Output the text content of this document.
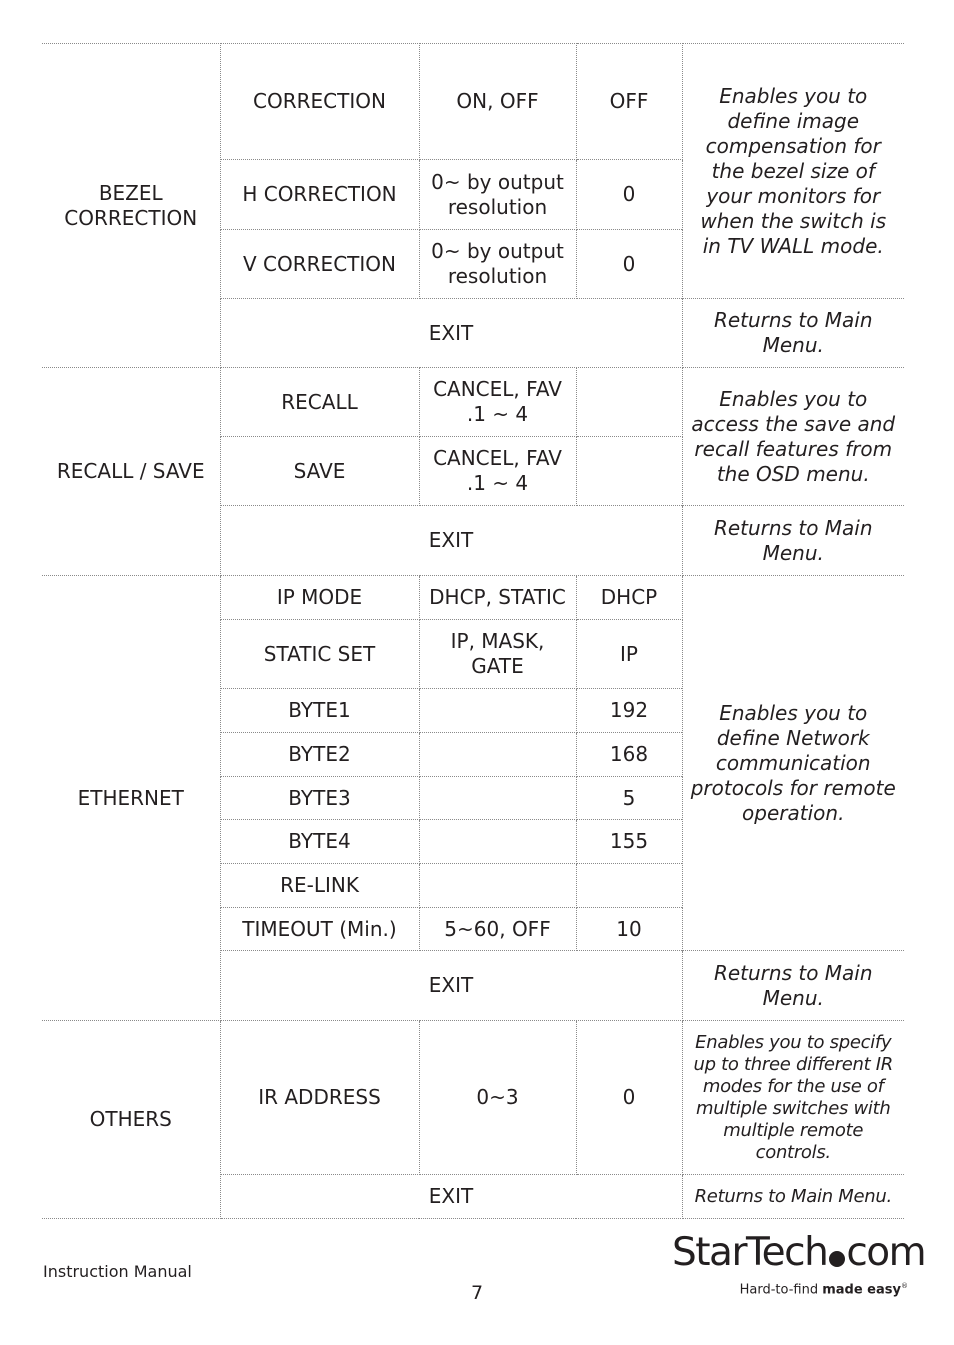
BEZEL CORRECTION	CORRECTION	ON, OFF	OFF	Enables you to define image compensation for the bezel size of your monitors for when the switch is in TV WALL mode.
	H CORRECTION	0~ by output resolution	0	
	V CORRECTION	0~ by output resolution	0	
	EXIT			Returns to Main Menu.
RECALL / SAVE	RECALL	CANCEL, FAV .1 ~ 4		Enables you to access the save and recall features from the OSD menu.
	SAVE	CANCEL, FAV .1 ~ 4		
	EXIT			Returns to Main Menu.
ETHERNET	IP MODE	DHCP, STATIC	DHCP	Enables you to define Network communication protocols for remote operation.
	STATIC SET	IP, MASK, GATE	IP	
	BYTE1		192	
	BYTE2		168	
	BYTE3		5	
	BYTE4		155	
	RE-LINK			
	TIMEOUT (Min.)	5~60, OFF	10	
	EXIT			Returns to Main Menu.
OTHERS	IR ADDRESS	0~3	0	Enables you to specify up to three different IR modes for the use of multiple switches with multiple remote controls.
	EXIT			Returns to Main Menu.
Instruction Manual
7
StarTech com
Hard-to-find made easy®
